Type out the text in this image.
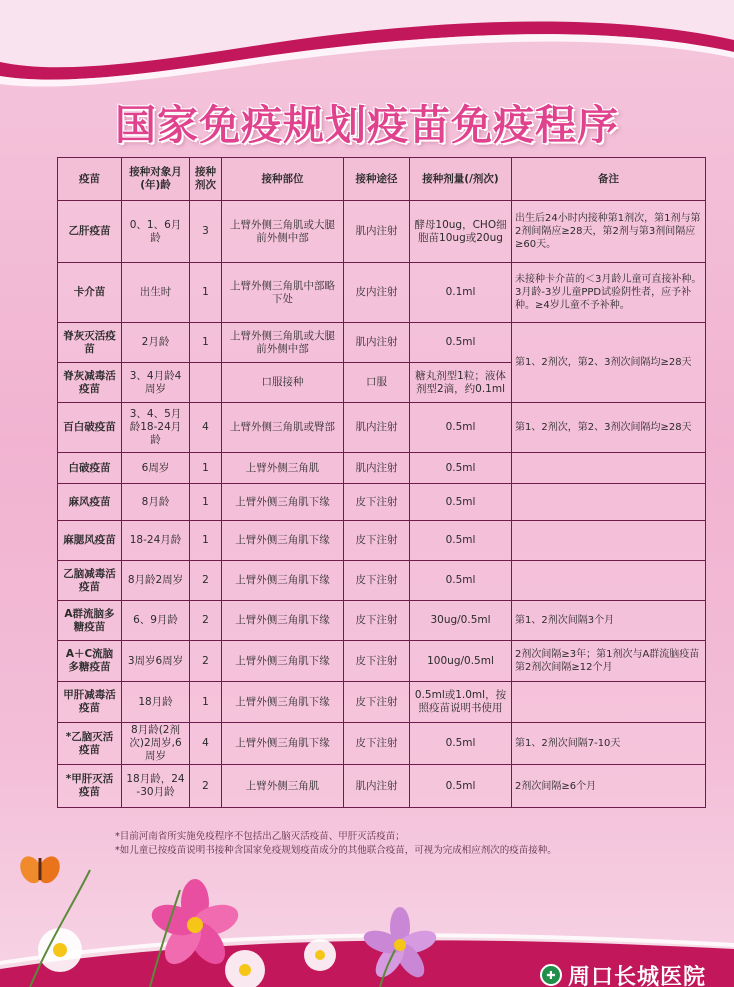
国家免疫规划疫苗免疫程序
疫苗	接种对象月(年)龄	接种剂次	接种部位	接种途径	接种剂量(/剂次)	备注
乙肝疫苗	0、1、6月龄	3	上臂外侧三角肌或大腿前外侧中部	肌内注射	酵母10ug，CHO细胞苗10ug或20ug	出生后24小时内接种第1剂次，第1剂与第2剂间隔应≥28天，第2剂与第3剂间隔应≥60天。
卡介苗	出生时	1	上臂外侧三角肌中部略下处	皮内注射	0.1ml	未接种卡介苗的＜3月龄儿童可直接补种。3月龄-3岁儿童PPD试验阴性者，应予补种。≥4岁儿童不予补种。
脊灰灭活疫苗	2月龄	1	上臂外侧三角肌或大腿前外侧中部	肌内注射	0.5ml	第1、2剂次，第2、3剂次间隔均≥28天
脊灰减毒活疫苗	3、4月龄4周岁		口服接种	口服	糖丸剂型1粒；液体剂型2滴，约0.1ml	
百白破疫苗	3、4、5月龄18-24月龄	4	上臂外侧三角肌或臀部	肌内注射	0.5ml	第1、2剂次，第2、3剂次间隔均≥28天
白破疫苗	6周岁	1	上臂外侧三角肌	肌内注射	0.5ml	
麻风疫苗	8月龄	1	上臂外侧三角肌下缘	皮下注射	0.5ml	
麻腮风疫苗	18-24月龄	1	上臂外侧三角肌下缘	皮下注射	0.5ml	
乙脑减毒活疫苗	8月龄2周岁	2	上臂外侧三角肌下缘	皮下注射	0.5ml	
A群流脑多糖疫苗	6、9月龄	2	上臂外侧三角肌下缘	皮下注射	30ug/0.5ml	第1、2剂次间隔3个月
A＋C流脑多糖疫苗	3周岁6周岁	2	上臂外侧三角肌下缘	皮下注射	100ug/0.5ml	2剂次间隔≥3年；第1剂次与A群流脑疫苗第2剂次间隔≥12个月
甲肝减毒活疫苗	18月龄	1	上臂外侧三角肌下缘	皮下注射	0.5ml或1.0ml，按照疫苗说明书使用	
*乙脑灭活疫苗	8月龄(2剂次)2周岁,6周岁	4	上臂外侧三角肌下缘	皮下注射	0.5ml	第1、2剂次间隔7-10天
*甲肝灭活疫苗	18月龄，24-30月龄	2	上臂外侧三角肌	肌内注射	0.5ml	2剂次间隔≥6个月
*目前河南省所实施免疫程序不包括出乙脑灭活疫苗、甲肝灭活疫苗；
*如儿童已按疫苗说明书接种含国家免疫规划疫苗成分的其他联合疫苗，可视为完成相应剂次的疫苗接种。
✚ 周口长城医院
